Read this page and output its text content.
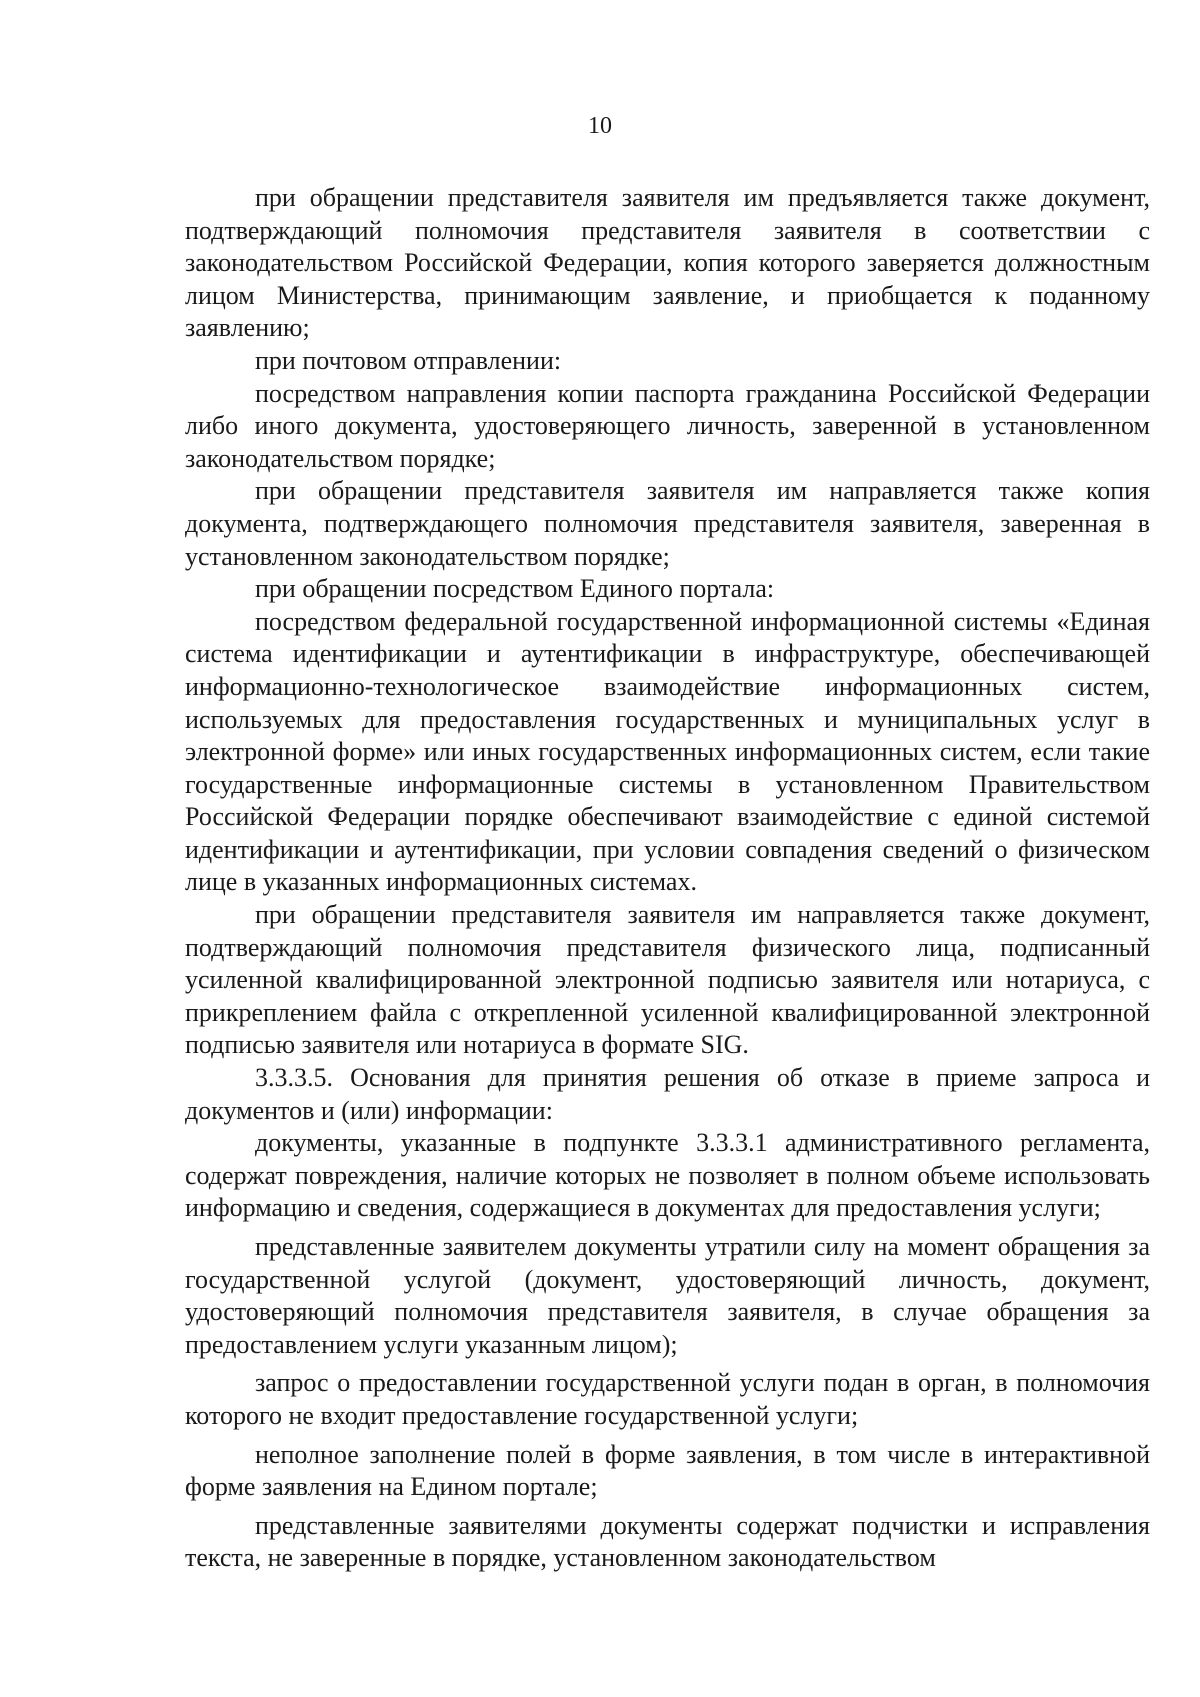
10

при обращении представителя заявителя им предъявляется также документ, подтверждающий полномочия представителя заявителя в соответствии с законодательством Российской Федерации, копия которого заверяется должностным лицом Министерства, принимающим заявление, и приобщается к поданному заявлению;

при почтовом отправлении:

посредством направления копии паспорта гражданина Российской Федерации либо иного документа, удостоверяющего личность, заверенной в установленном законодательством порядке;

при обращении представителя заявителя им направляется также копия документа, подтверждающего полномочия представителя заявителя, заверенная в установленном законодательством порядке;

при обращении посредством Единого портала:

посредством федеральной государственной информационной системы «Единая система идентификации и аутентификации в инфраструктуре, обеспечивающей информационно-технологическое взаимодействие информационных систем, используемых для предоставления государственных и муниципальных услуг в электронной форме» или иных государственных информационных систем, если такие государственные информационные системы в установленном Правительством Российской Федерации порядке обеспечивают взаимодействие с единой системой идентификации и аутентификации, при условии совпадения сведений о физическом лице в указанных информационных системах.

при обращении представителя заявителя им направляется также документ, подтверждающий полномочия представителя физического лица, подписанный усиленной квалифицированной электронной подписью заявителя или нотариуса, с прикреплением файла с открепленной усиленной квалифицированной электронной подписью заявителя или нотариуса в формате SIG.

3.3.3.5. Основания для принятия решения об отказе в приеме запроса и документов и (или) информации:

документы, указанные в подпункте 3.3.3.1 административного регламента, содержат повреждения, наличие которых не позволяет в полном объеме использовать информацию и сведения, содержащиеся в документах для предоставления услуги;

представленные заявителем документы утратили силу на момент обращения за государственной услугой (документ, удостоверяющий личность, документ, удостоверяющий полномочия представителя заявителя, в случае обращения за предоставлением услуги указанным лицом);

запрос о предоставлении государственной услуги подан в орган, в полномочия которого не входит предоставление государственной услуги;

неполное заполнение полей в форме заявления, в том числе в интерактивной форме заявления на Едином портале;

представленные заявителями документы содержат подчистки и исправления текста, не заверенные в порядке, установленном законодательством
